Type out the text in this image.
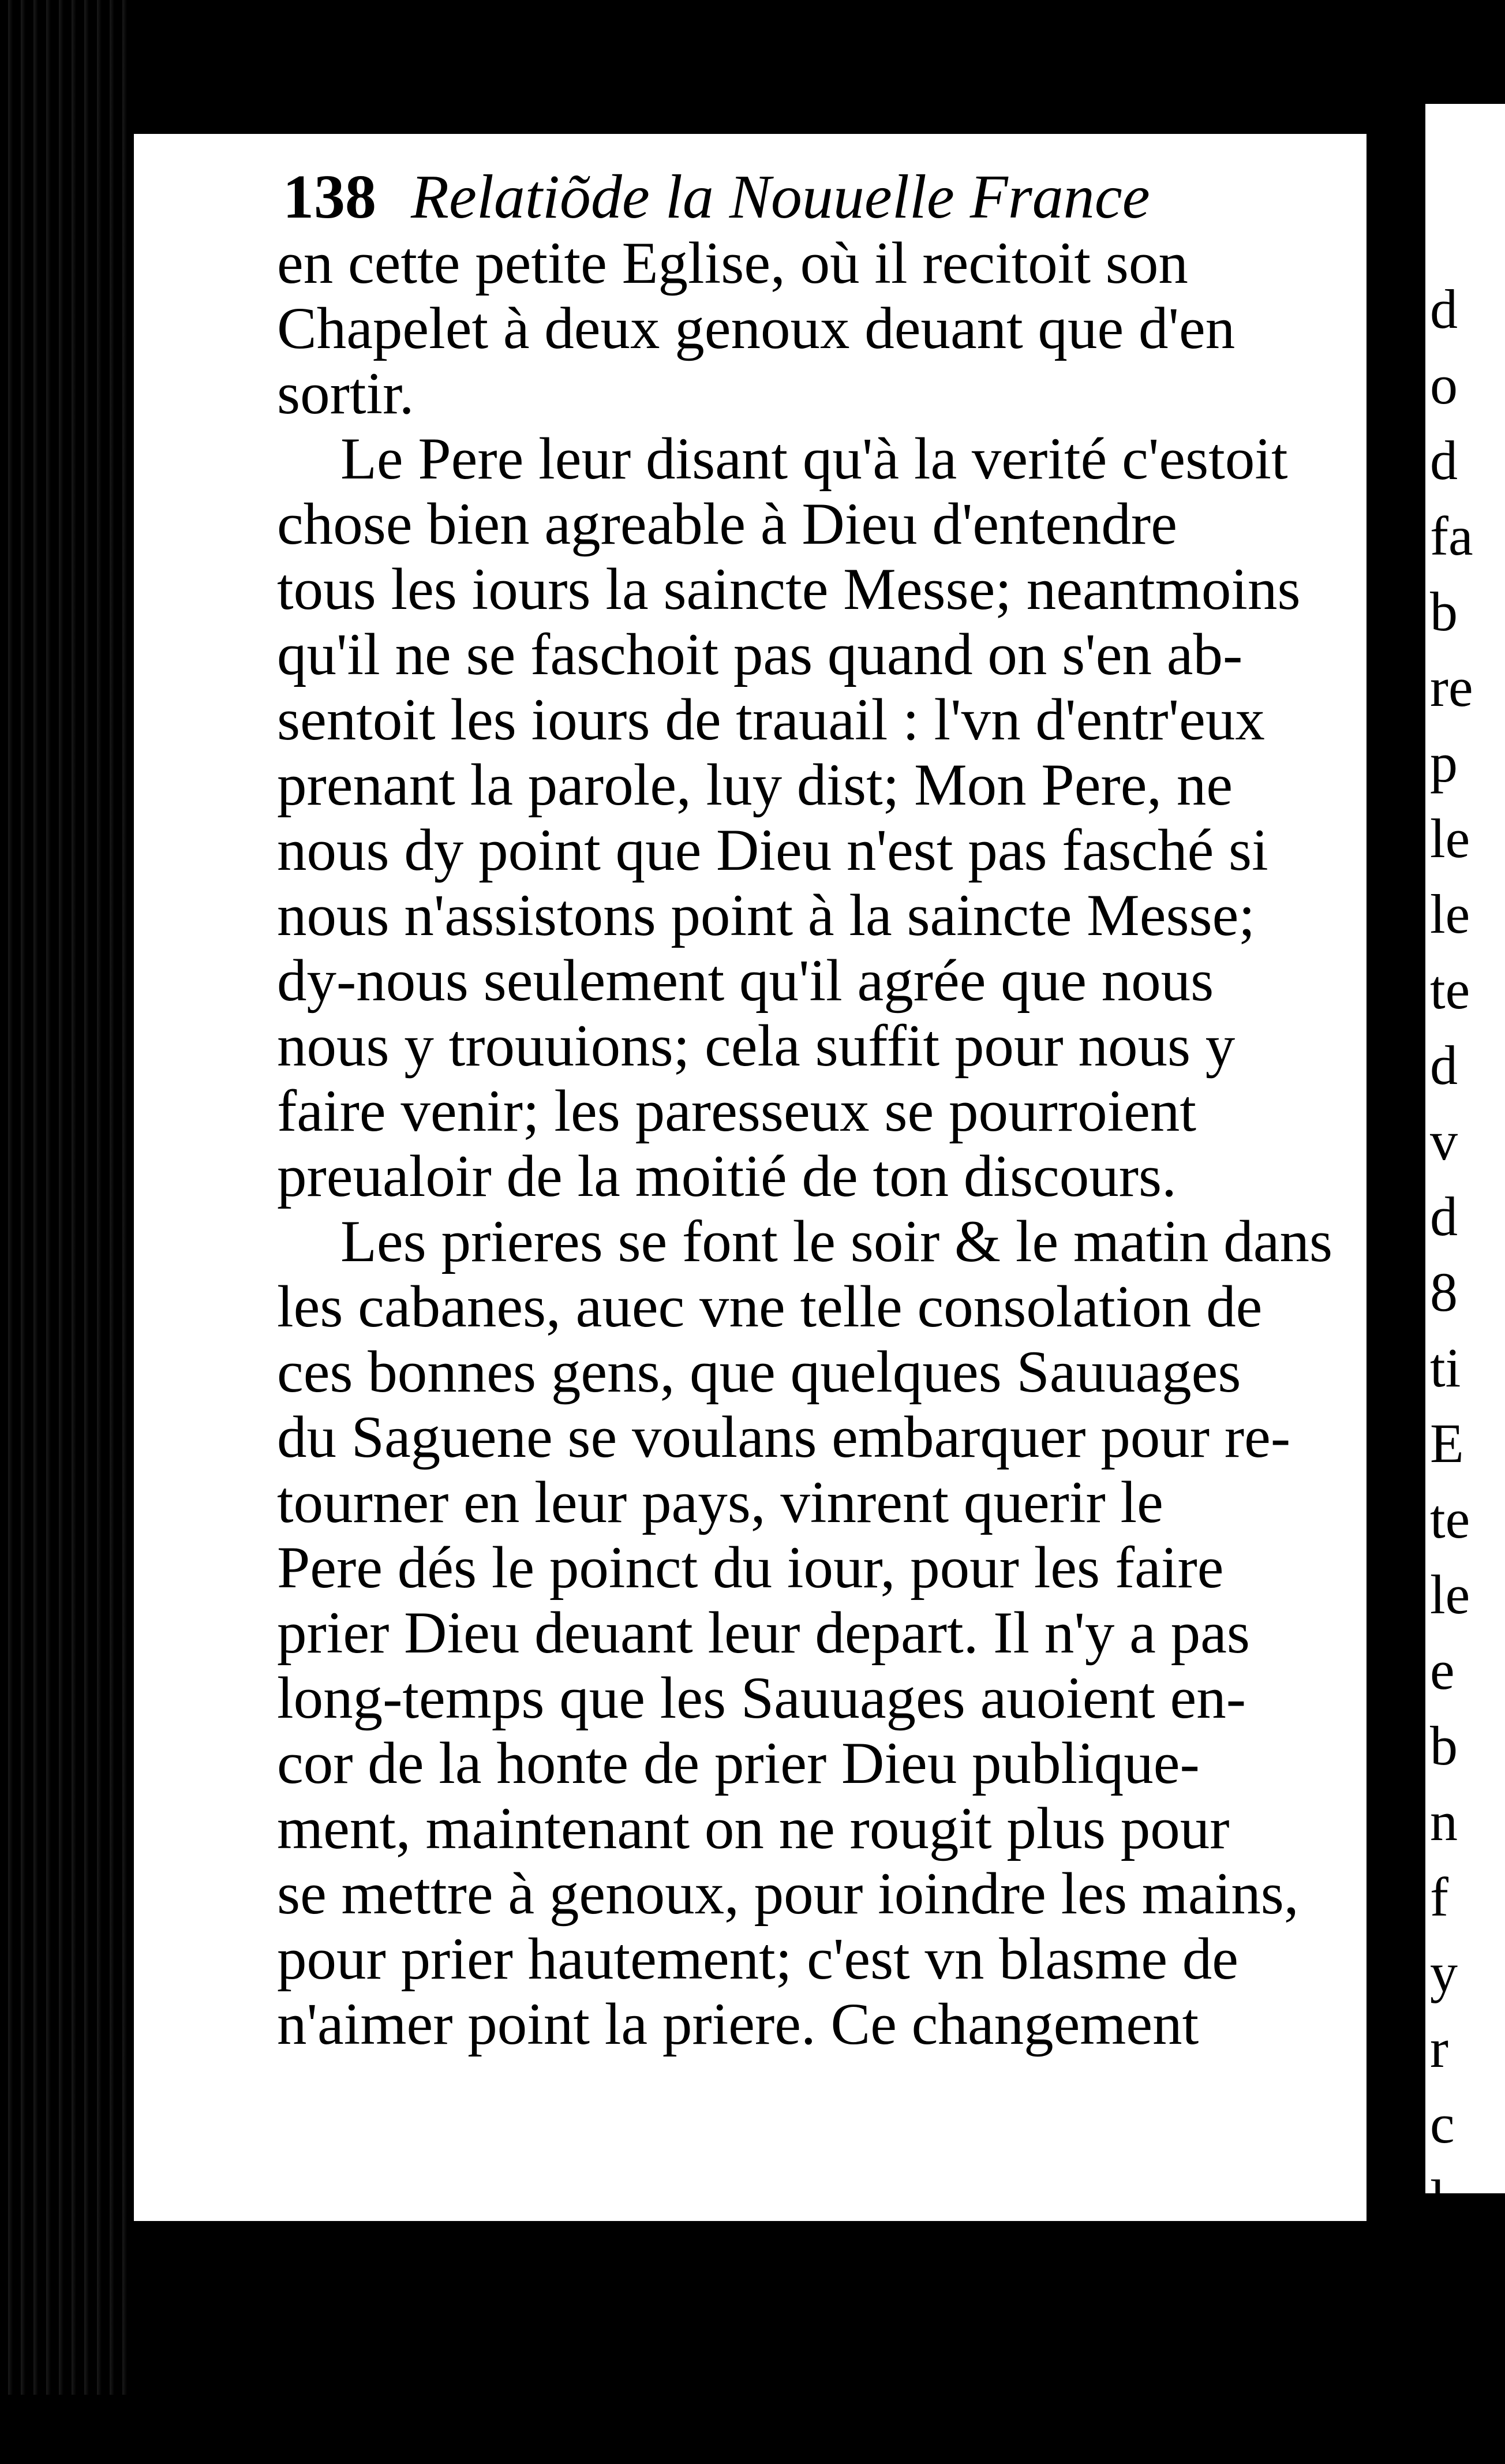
138 Relatiõde la Nouuelle France
en cette petite Eglise, où il recitoit son
Chapelet à deux genoux deuant que d'en
sortir.
Le Pere leur disant qu'à la verité c'estoit
chose bien agreable à Dieu d'entendre
tous les iours la saincte Messe; neantmoins
qu'il ne se faschoit pas quand on s'en ab-
sentoit les iours de trauail : l'vn d'entr'eux
prenant la parole, luy dist; Mon Pere, ne
nous dy point que Dieu n'est pas fasché si
nous n'assistons point à la saincte Messe;
dy-nous seulement qu'il agrée que nous
nous y trouuions; cela suffit pour nous y
faire venir; les paresseux se pourroient
preualoir de la moitié de ton discours.
Les prieres se font le soir & le matin dans
les cabanes, auec vne telle consolation de
ces bonnes gens, que quelques Sauuages
du Saguene se voulans embarquer pour re-
tourner en leur pays, vinrent querir le
Pere dés le poinct du iour, pour les faire
prier Dieu deuant leur depart. Il n'y a pas
long-temps que les Sauuages auoient en-
cor de la honte de prier Dieu publique-
ment, maintenant on ne rougit plus pour
se mettre à genoux, pour ioindre les mains,
pour prier hautement; c'est vn blasme de
n'aimer point la priere. Ce changement
d
o
d
fa
b
re
p
le
le
te
d
v
d
8
ti
E
te
le
e
b
n
f
y
r
c
l
p
c
d
